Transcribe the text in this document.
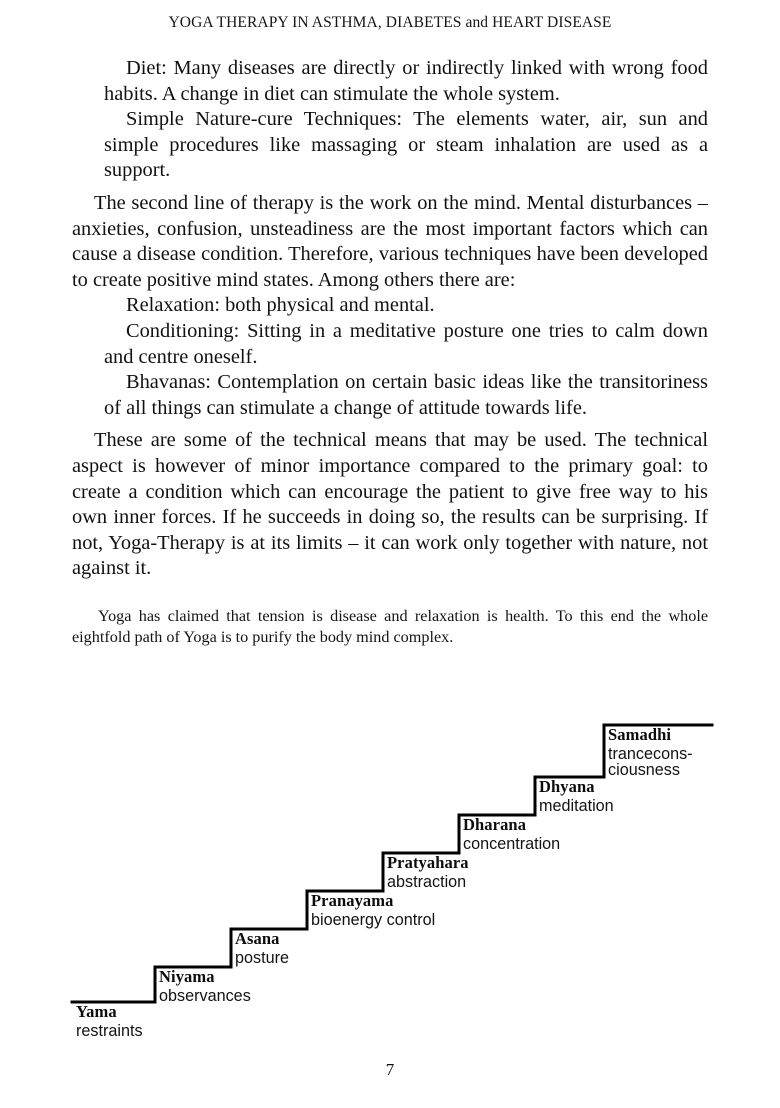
YOGA THERAPY IN ASTHMA, DIABETES and HEART DISEASE

Diet: Many diseases are directly or indirectly linked with wrong food habits. A change in diet can stimulate the whole system.

Simple Nature-cure Techniques: The elements water, air, sun and simple procedures like massaging or steam inhalation are used as a support.

The second line of therapy is the work on the mind. Mental disturbances – anxieties, confusion, unsteadiness are the most important factors which can cause a disease condition. Therefore, various techniques have been developed to create positive mind states. Among others there are:

Relaxation: both physical and mental.

Conditioning: Sitting in a meditative posture one tries to calm down and centre oneself.

Bhavanas: Contemplation on certain basic ideas like the transitoriness of all things can stimulate a change of attitude towards life.

These are some of the technical means that may be used. The technical aspect is however of minor importance compared to the primary goal: to create a condition which can encourage the patient to give free way to his own inner forces. If he succeeds in doing so, the results can be surprising. If not, Yoga-Therapy is at its limits – it can work only together with nature, not against it.

Yoga has claimed that tension is disease and relaxation is health. To this end the whole eightfold path of Yoga is to purify the body mind complex.

Yama
restraints
Niyama
observances
Asana
posture
Pranayama
bioenergy control
Pratyahara
abstraction
Dharana
concentration
Dhyana
meditation
Samadhi
trancecons-
ciousness
7
